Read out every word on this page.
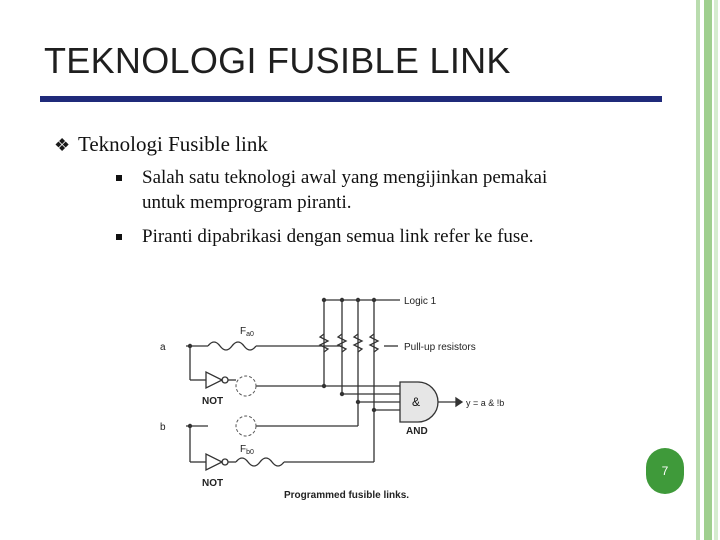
TEKNOLOGI FUSIBLE LINK
❖ Teknologi Fusible link
Salah satu teknologi awal yang mengijinkan pemakai
untuk memprogram piranti.
Piranti dipabrikasi dengan semua link refer ke fuse.
Logic 1
Pull-up resistors
a
b
$F_{a0}$
$F_{b0}$
NOT
NOT
&
AND
y = a & !b
Programmed fusible links.
7
